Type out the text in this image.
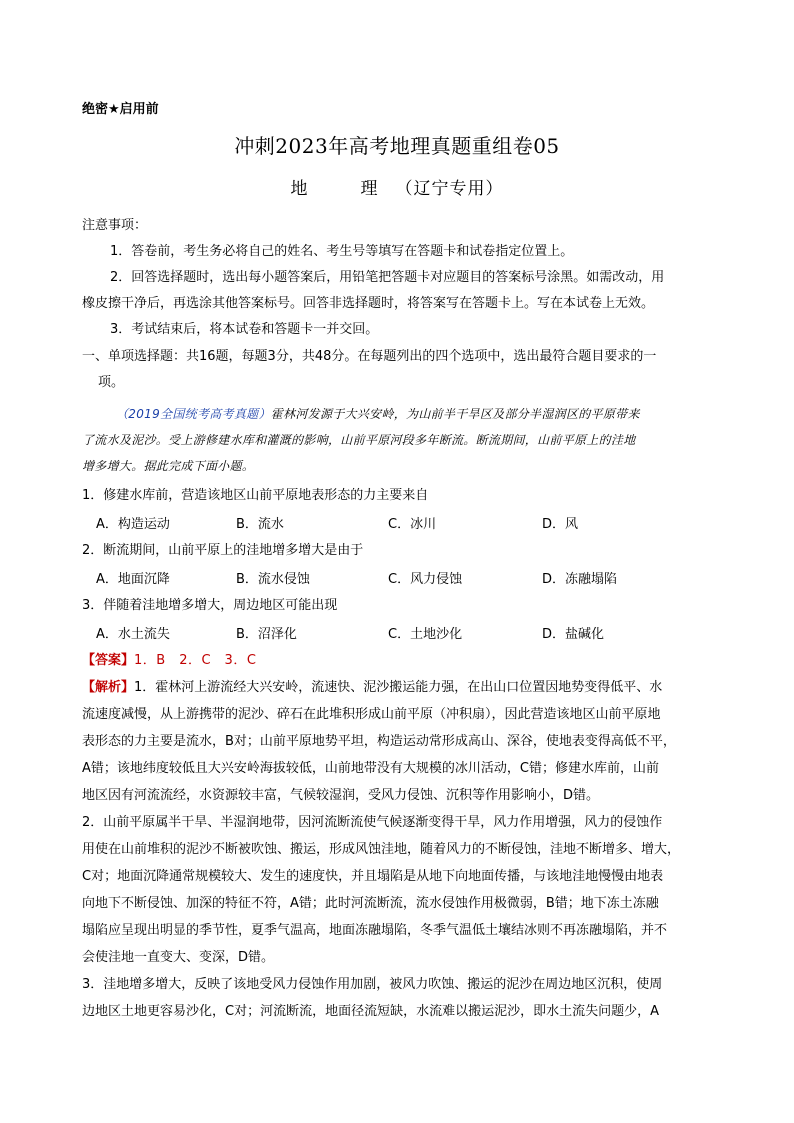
绝密★启用前
冲刺2023年高考地理真题重组卷05
地　理（辽宁专用）
注意事项：
1．答卷前，考生务必将自己的姓名、考生号等填写在答题卡和试卷指定位置上。
2．回答选择题时，选出每小题答案后，用铅笔把答题卡对应题目的答案标号涂黑。如需改动，用
橡皮擦干净后，再选涂其他答案标号。回答非选择题时，将答案写在答题卡上。写在本试卷上无效。
3．考试结束后，将本试卷和答题卡一并交回。
一、单项选择题：共16题，每题3分，共48分。在每题列出的四个选项中，选出最符合题目要求的一
项。
（2019全国统考高考真题）霍林河发源于大兴安岭，为山前半干旱区及部分半湿润区的平原带来
了流水及泥沙。受上游修建水库和灌溉的影响，山前平原河段多年断流。断流期间，山前平原上的洼地
增多增大。据此完成下面小题。
1．修建水库前，营造该地区山前平原地表形态的力主要来自
A．构造运动	B．流水	C．冰川	D．风
2．断流期间，山前平原上的洼地增多增大是由于
A．地面沉降	B．流水侵蚀	C．风力侵蚀	D．冻融塌陷
3．伴随着洼地增多增大，周边地区可能出现
A．水土流失	B．沼泽化	C．土地沙化	D．盐碱化
【答案】1．B　2．C　3．C
【解析】1．霍林河上游流经大兴安岭，流速快、泥沙搬运能力强，在出山口位置因地势变得低平、水
流速度减慢，从上游携带的泥沙、碎石在此堆积形成山前平原（冲积扇），因此营造该地区山前平原地
表形态的力主要是流水，B对；山前平原地势平坦，构造运动常形成高山、深谷，使地表变得高低不平，
A错；该地纬度较低且大兴安岭海拔较低，山前地带没有大规模的冰川活动，C错；修建水库前，山前
地区因有河流流经，水资源较丰富，气候较湿润，受风力侵蚀、沉积等作用影响小，D错。
2．山前平原属半干旱、半湿润地带，因河流断流使气候逐渐变得干旱，风力作用增强，风力的侵蚀作
用使在山前堆积的泥沙不断被吹蚀、搬运，形成风蚀洼地，随着风力的不断侵蚀，洼地不断增多、增大，
C对；地面沉降通常规模较大、发生的速度快，并且塌陷是从地下向地面传播，与该地洼地慢慢由地表
向地下不断侵蚀、加深的特征不符，A错；此时河流断流，流水侵蚀作用极微弱，B错；地下冻土冻融
塌陷应呈现出明显的季节性，夏季气温高，地面冻融塌陷，冬季气温低土壤结冰则不再冻融塌陷，并不
会使洼地一直变大、变深，D错。
3．洼地增多增大，反映了该地受风力侵蚀作用加剧，被风力吹蚀、搬运的泥沙在周边地区沉积，使周
边地区土地更容易沙化，C对；河流断流，地面径流短缺，水流难以搬运泥沙，即水土流失问题少，A
